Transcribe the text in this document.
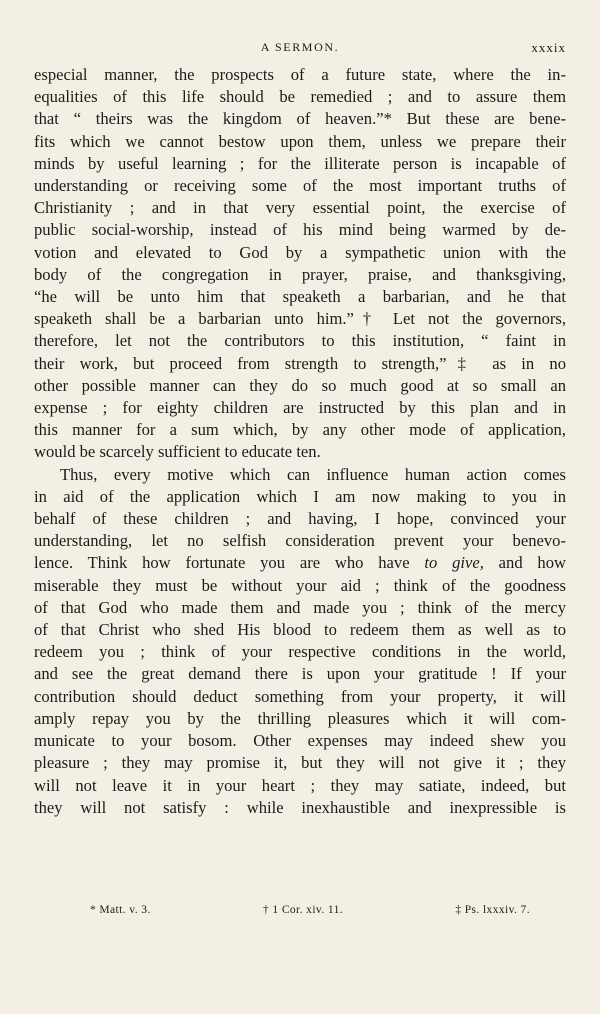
A SERMON.	xxxix
especial manner, the prospects of a future state, where the in-
equalities of this life should be remedied ; and to assure them
that “ theirs was the kingdom of heaven.”* But these are bene-
fits which we cannot bestow upon them, unless we prepare their
minds by useful learning ; for the illiterate person is incapable of
understanding or receiving some of the most important truths of
Christianity ; and in that very essential point, the exercise of
public social-worship, instead of his mind being warmed by de-
votion and elevated to God by a sympathetic union with the
body of the congregation in prayer, praise, and thanksgiving,
“he will be unto him that speaketh a barbarian, and he that
speaketh shall be a barbarian unto him.”† Let not the governors,
therefore, let not the contributors to this institution, “ faint in
their work, but proceed from strength to strength,”‡ as in no
other possible manner can they do so much good at so small an
expense ; for eighty children are instructed by this plan and in
this manner for a sum which, by any other mode of application,
would be scarcely sufficient to educate ten.
Thus, every motive which can influence human action comes
in aid of the application which I am now making to you in
behalf of these children ; and having, I hope, convinced your
understanding, let no selfish consideration prevent your benevo-
lence. Think how fortunate you are who have to give, and how
miserable they must be without your aid ; think of the goodness
of that God who made them and made you ; think of the mercy
of that Christ who shed His blood to redeem them as well as to
redeem you ; think of your respective conditions in the world,
and see the great demand there is upon your gratitude ! If your
contribution should deduct something from your property, it will
amply repay you by the thrilling pleasures which it will com-
municate to your bosom. Other expenses may indeed shew you
pleasure ; they may promise it, but they will not give it ; they
will not leave it in your heart ; they may satiate, indeed, but
they will not satisfy : while inexhaustible and inexpressible is
* Matt. v. 3.	† 1 Cor. xiv. 11.	‡ Ps. lxxxiv. 7.
